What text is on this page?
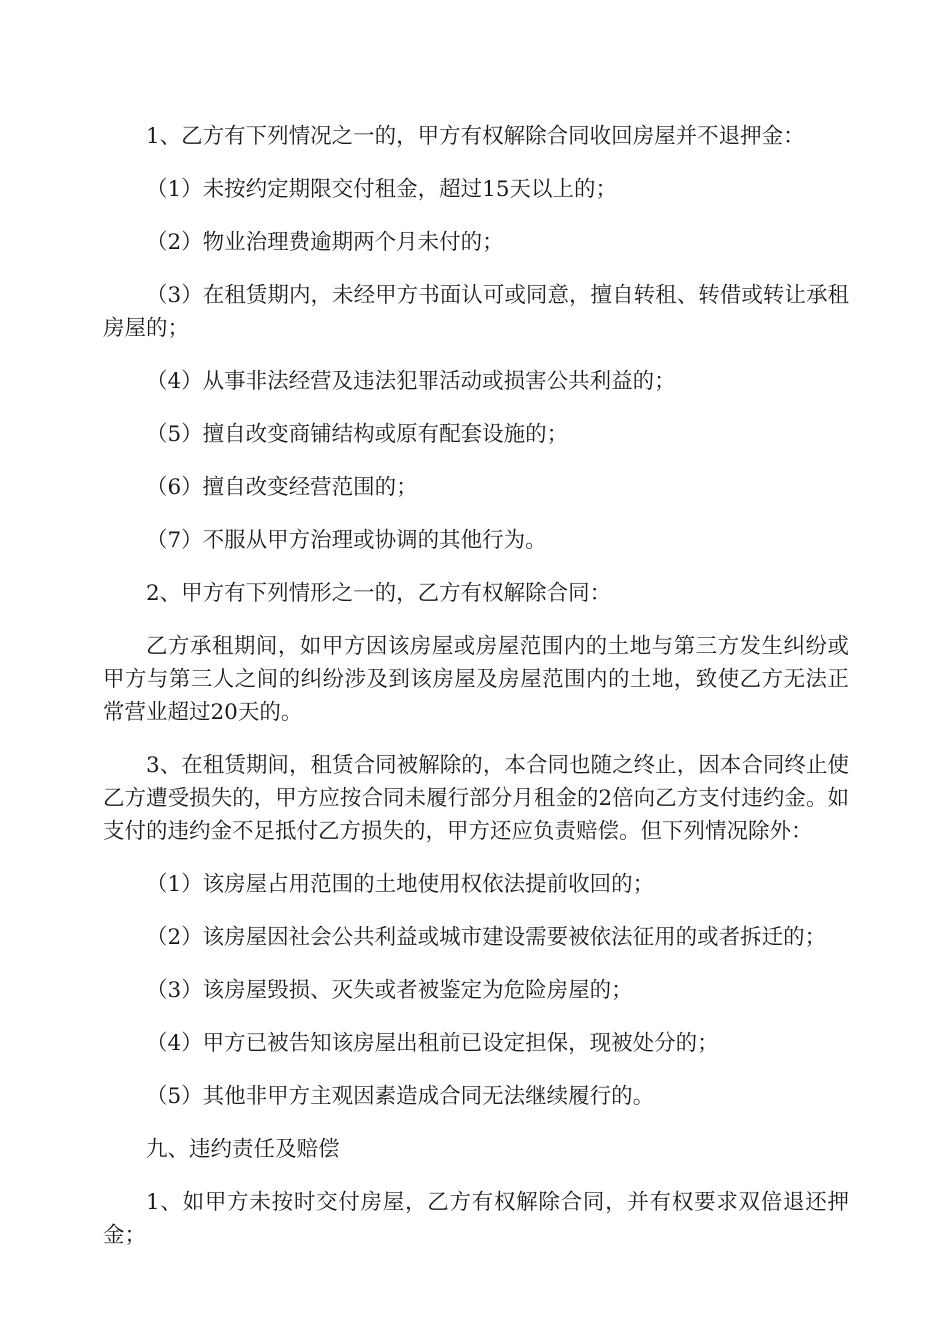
1、乙方有下列情况之一的，甲方有权解除合同收回房屋并不退押金：

（1）未按约定期限交付租金，超过15天以上的；

（2）物业治理费逾期两个月未付的；

（3）在租赁期内，未经甲方书面认可或同意，擅自转租、转借或转让承租房屋的；

（4）从事非法经营及违法犯罪活动或损害公共利益的；

（5）擅自改变商铺结构或原有配套设施的；

（6）擅自改变经营范围的；

（7）不服从甲方治理或协调的其他行为。

2、甲方有下列情形之一的，乙方有权解除合同：

乙方承租期间，如甲方因该房屋或房屋范围内的土地与第三方发生纠纷或甲方与第三人之间的纠纷涉及到该房屋及房屋范围内的土地，致使乙方无法正常营业超过20天的。

3、在租赁期间，租赁合同被解除的，本合同也随之终止，因本合同终止使乙方遭受损失的，甲方应按合同未履行部分月租金的2倍向乙方支付违约金。如支付的违约金不足抵付乙方损失的，甲方还应负责赔偿。但下列情况除外：

（1）该房屋占用范围的土地使用权依法提前收回的；

（2）该房屋因社会公共利益或城市建设需要被依法征用的或者拆迁的；

（3）该房屋毁损、灭失或者被鉴定为危险房屋的；

（4）甲方已被告知该房屋出租前已设定担保，现被处分的；

（5）其他非甲方主观因素造成合同无法继续履行的。

九、违约责任及赔偿

1、如甲方未按时交付房屋，乙方有权解除合同，并有权要求双倍退还押金；
